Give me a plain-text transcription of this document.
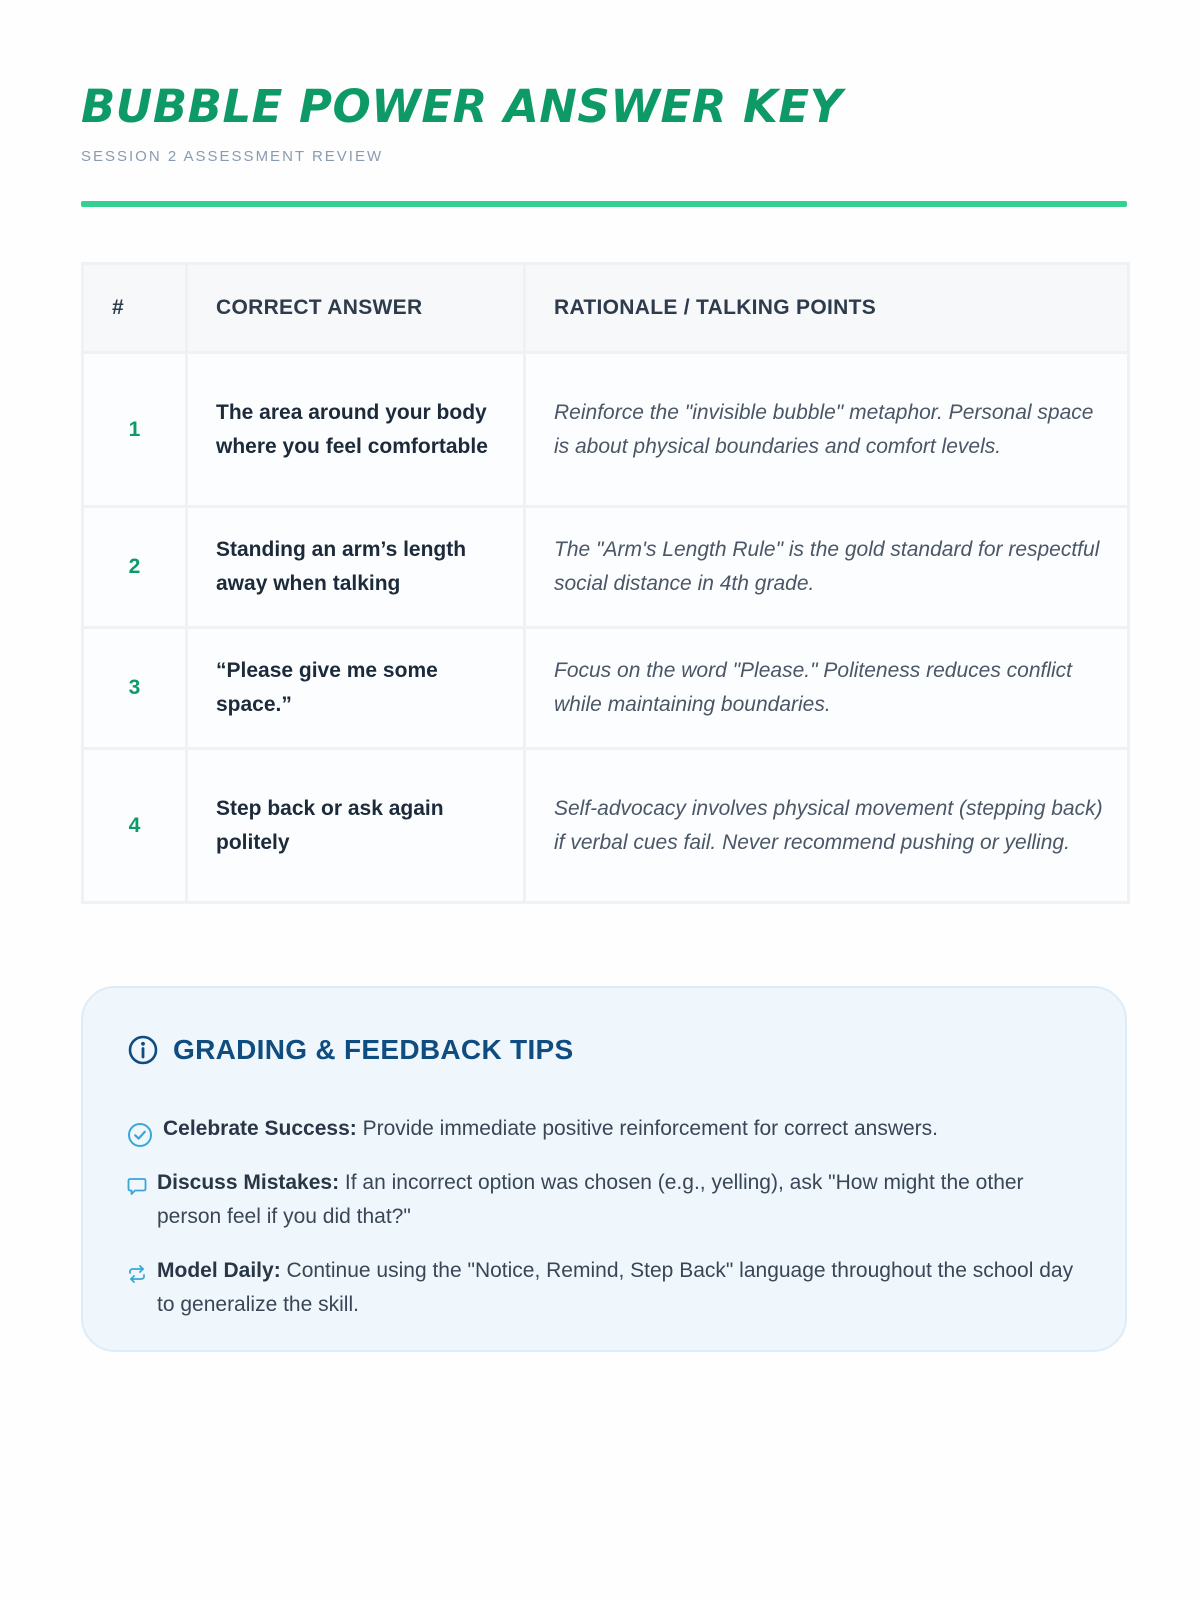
BUBBLE POWER ANSWER KEY
SESSION 2 ASSESSMENT REVIEW
#	CORRECT ANSWER	RATIONALE / TALKING POINTS
1	The area around your body where you feel comfortable	Reinforce the "invisible bubble" metaphor. Personal space is about physical boundaries and comfort levels.
2	Standing an arm’s length away when talking	The "Arm's Length Rule" is the gold standard for respectful social distance in 4th grade.
3	“Please give me some space.”	Focus on the word "Please." Politeness reduces conflict while maintaining boundaries.
4	Step back or ask again politely	Self-advocacy involves physical movement (stepping back) if verbal cues fail. Never recommend pushing or yelling.
GRADING & FEEDBACK TIPS
Celebrate Success: Provide immediate positive reinforcement for correct answers.
Discuss Mistakes: If an incorrect option was chosen (e.g., yelling), ask "How might the other person feel if you did that?"
Model Daily: Continue using the "Notice, Remind, Step Back" language throughout the school day to generalize the skill.
